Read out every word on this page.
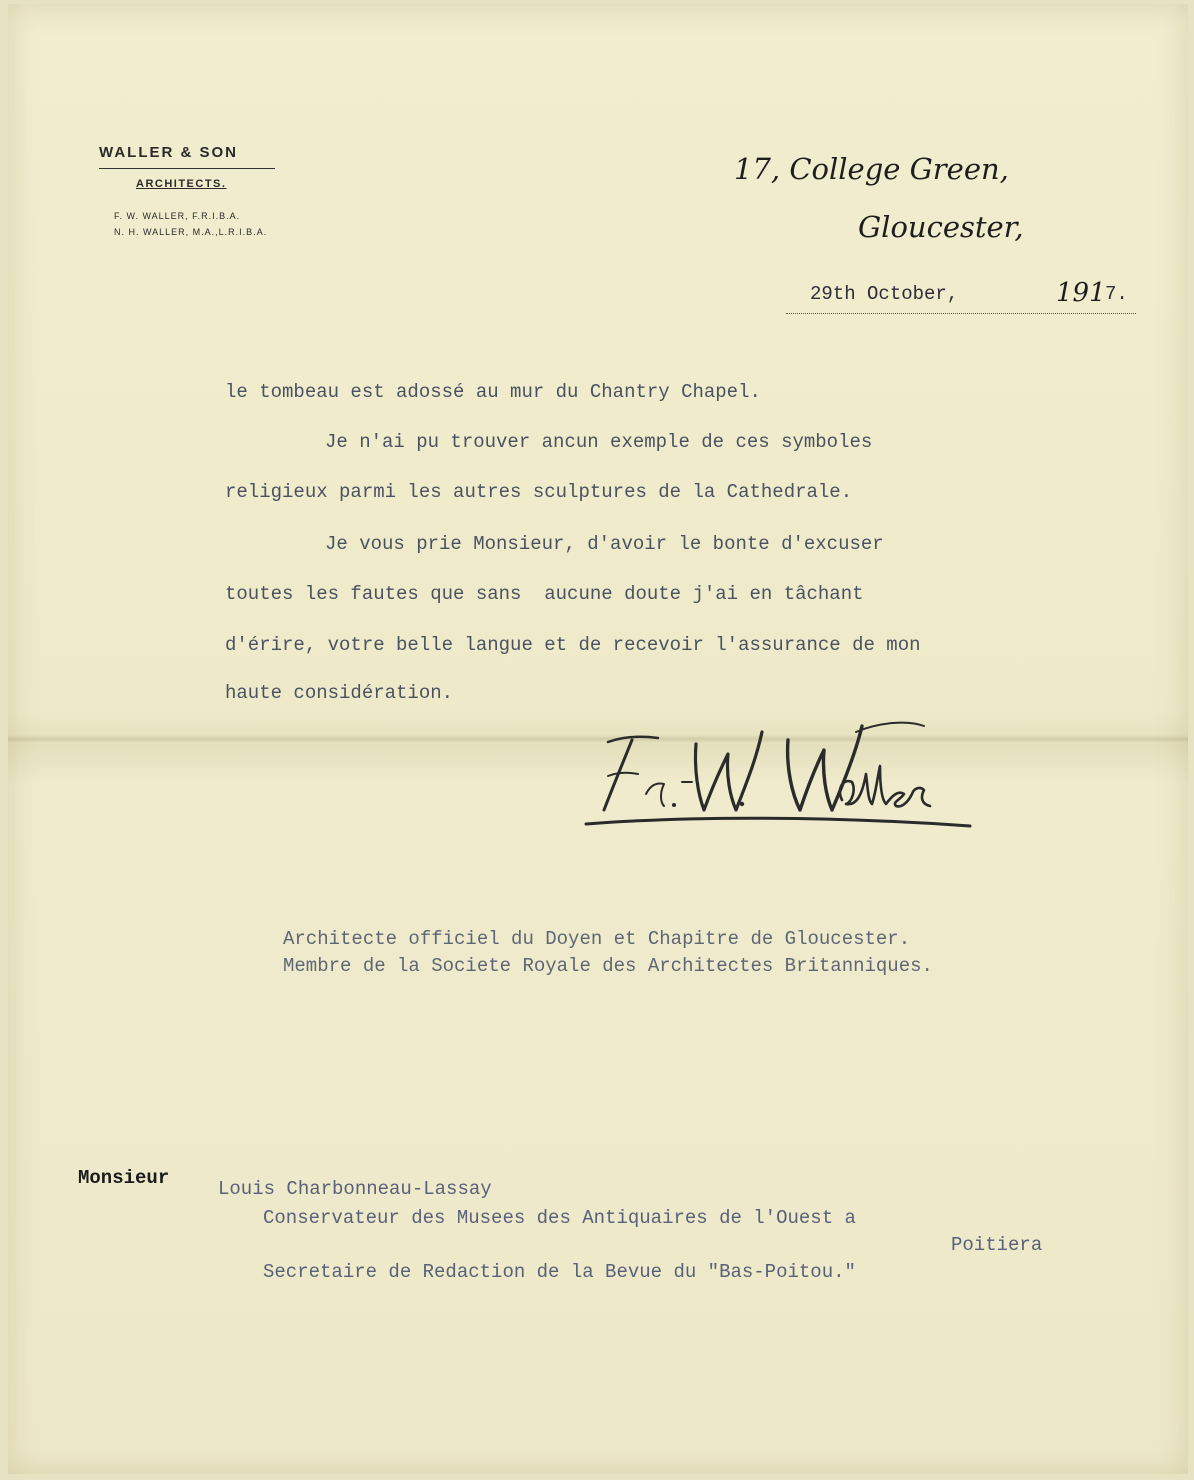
WALLER & SON
ARCHITECTS.
F. W. WALLER, F.R.I.B.A.
N. H. WALLER, M.A.,L.R.I.B.A.
17, College Green,
Gloucester,
29th October,	191 7.
le tombeau est adossé au mur du Chantry Chapel.
Je n'ai pu trouver ancun exemple de ces symboles
religieux parmi les autres sculptures de la Cathedrale.
Je vous prie Monsieur, d'avoir le bonte d'excuser
toutes les fautes que sans  aucune doute j'ai en tâchant
d'érire, votre belle langue et de recevoir l'assurance de mon
haute considération.
Architecte officiel du Doyen et Chapitre de Gloucester.
Membre de la Societe Royale des Architectes Britanniques.
Monsieur	Louis Charbonneau-Lassay
Conservateur des Musees des Antiquaires de l'Ouest a
Poitiera
Secretaire de Redaction de la Bevue du "Bas-Poitou."
